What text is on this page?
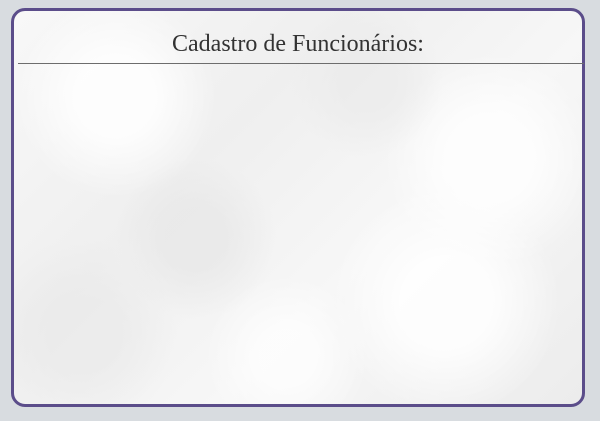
Cadastro de Funcionários:
